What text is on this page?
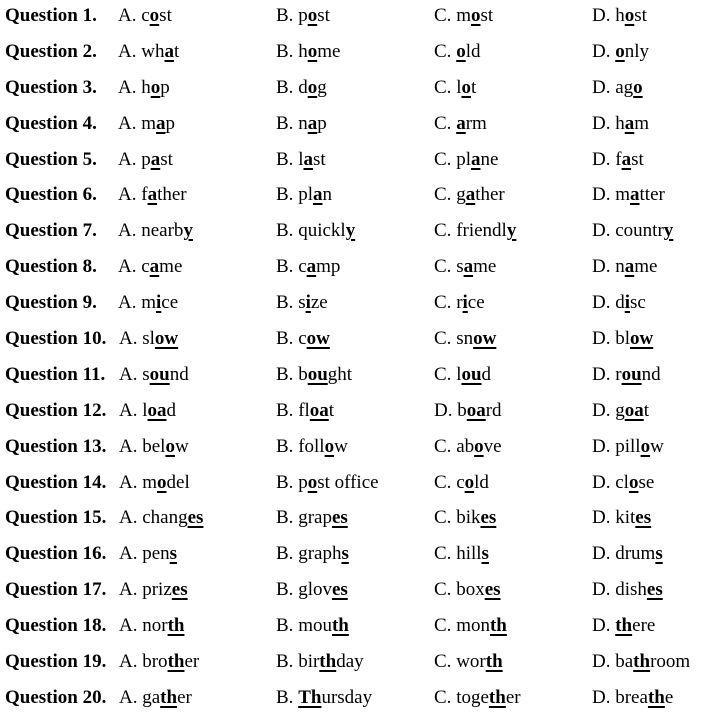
Question 1. A. cost	B. post	C. most	D. host
Question 2. A. what	B. home	C. old	D. only
Question 3. A. hop	B. dog	C. lot	D. ago
Question 4. A. map	B. nap	C. arm	D. ham
Question 5. A. past	B. last	C. plane	D. fast
Question 6. A. father	B. plan	C. gather	D. matter
Question 7. A. nearby	B. quickly	C. friendly	D. country
Question 8. A. came	B. camp	C. same	D. name
Question 9. A. mice	B. size	C. rice	D. disc
Question 10. A. slow	B. cow	C. snow	D. blow
Question 11. A. sound	B. bought	C. loud	D. round
Question 12. A. load	B. float	D. board	D. goat
Question 13. A. below	B. follow	C. above	D. pillow
Question 14. A. model	B. post office	C. cold	D. close
Question 15. A. changes	B. grapes	C. bikes	D. kites
Question 16. A. pens	B. graphs	C. hills	D. drums
Question 17. A. prizes	B. gloves	C. boxes	D. dishes
Question 18. A. north	B. mouth	C. month	D. there
Question 19. A. brother	B. birthday	C. worth	D. bathroom
Question 20. A. gather	B. Thursday	C. together	D. breathe
